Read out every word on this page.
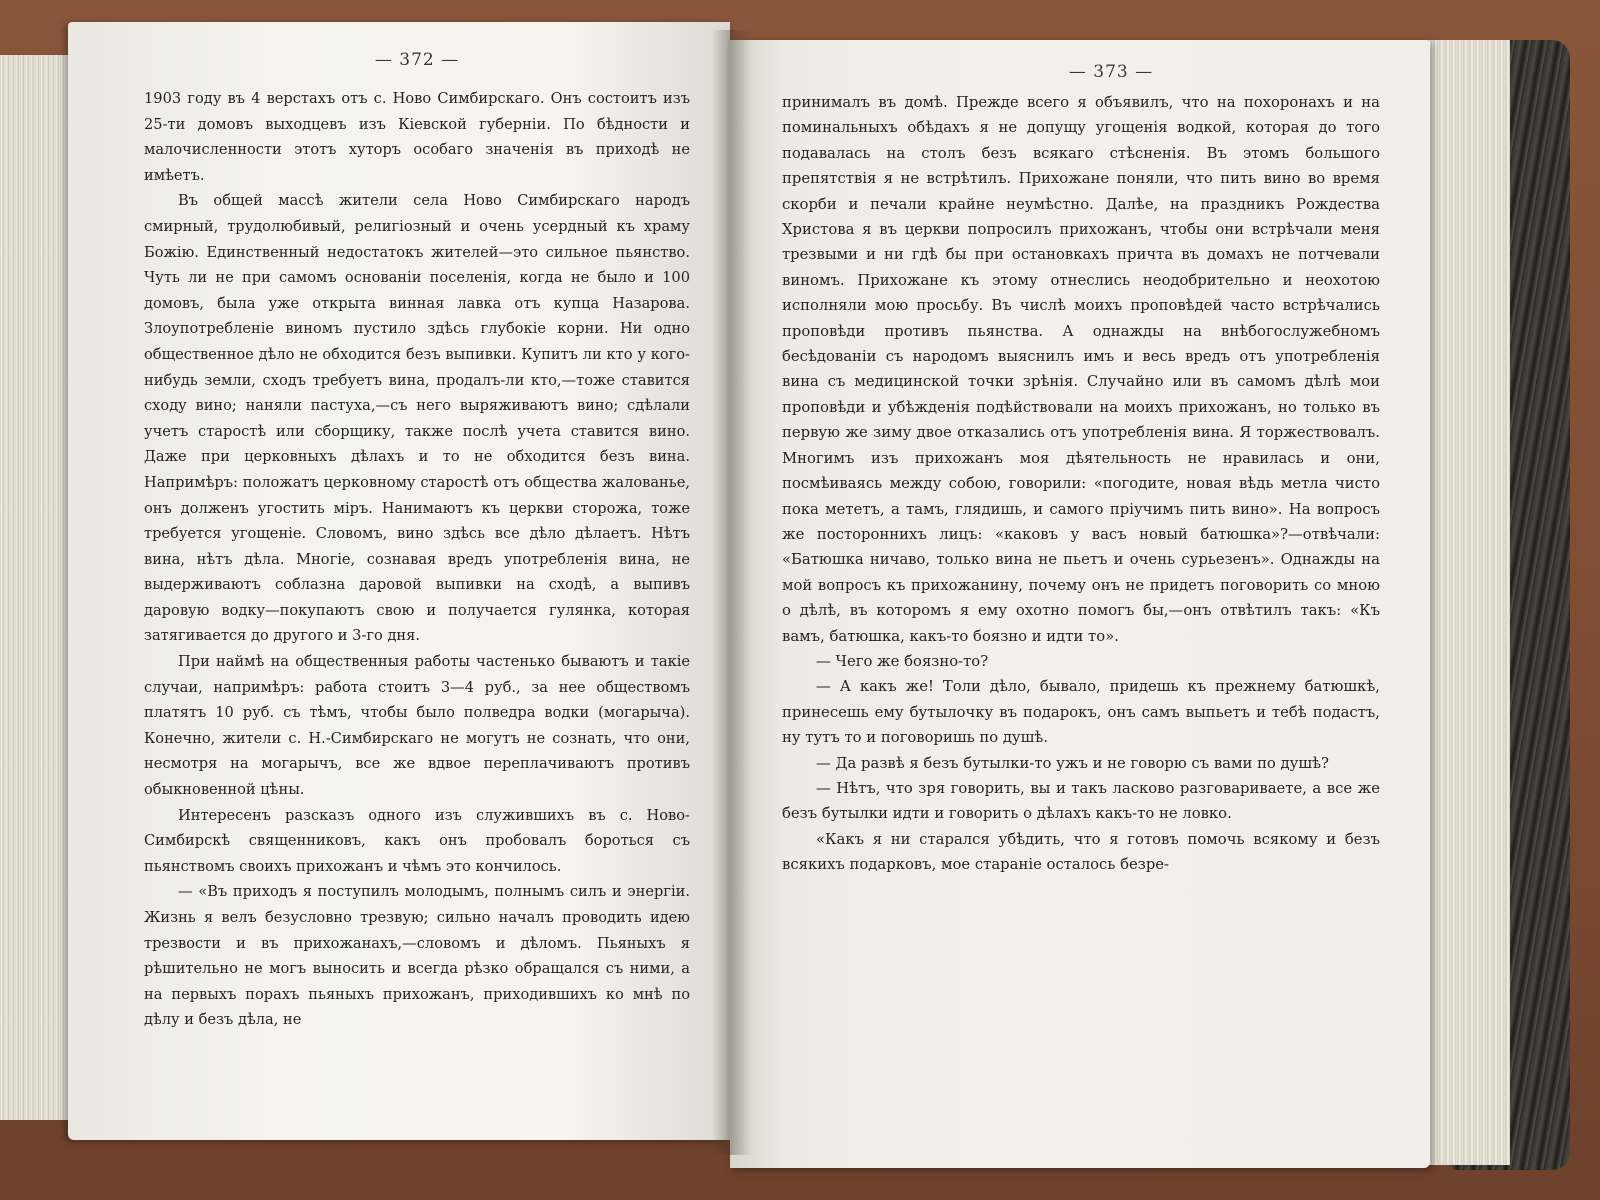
— 372 —

1903 году въ 4 верстахъ отъ с. Ново Симбирскаго. Онъ состоитъ изъ 25-ти домовъ выходцевъ изъ Кіевской губерніи. По бѣдности и малочисленности этотъ хуторъ особаго значенія въ приходѣ не имѣетъ.

Въ общей массѣ жители села Ново Симбирскаго народъ смирный, трудолюбивый, религіозный и очень усердный къ храму Божію. Единственный недостатокъ жителей—это сильное пьянство. Чуть ли не при самомъ основаніи поселенія, когда не было и 100 домовъ, была уже открыта винная лавка отъ купца Назарова. Злоупотребленіе виномъ пустило здѣсь глубокіе корни. Ни одно общественное дѣло не обходится безъ выпивки. Купитъ ли кто у кого-нибудь земли, сходъ требуетъ вина, продалъ-ли кто,—тоже ставится сходу вино; наняли пастуха,—съ него выряживаютъ вино; сдѣлали учетъ старостѣ или сборщику, также послѣ учета ставится вино. Даже при церковныхъ дѣлахъ и то не обходится безъ вина. Напримѣръ: положатъ церковному старостѣ отъ общества жалованье, онъ долженъ угостить міръ. Нанимаютъ къ церкви сторожа, тоже требуется угощеніе. Словомъ, вино здѣсь все дѣло дѣлаетъ. Нѣтъ вина, нѣтъ дѣла. Многіе, сознавая вредъ употребленія вина, не выдерживаютъ соблазна даровой выпивки на сходѣ, а выпивъ даровую водку—покупаютъ свою и получается гулянка, которая затягивается до другого и 3-го дня.

При наймѣ на общественныя работы частенько бываютъ и такіе случаи, напримѣръ: работа стоитъ 3—4 руб., за нее обществомъ платятъ 10 руб. съ тѣмъ, чтобы было полведра водки (могарыча). Конечно, жители с. Н.-Симбирскаго не могутъ не сознать, что они, несмотря на могарычъ, все же вдвое переплачиваютъ противъ обыкновенной цѣны.

Интересенъ разсказъ одного изъ служившихъ въ с. Ново-Симбирскѣ священниковъ, какъ онъ пробовалъ бороться съ пьянствомъ своихъ прихожанъ и чѣмъ это кончилось.

— «Въ приходъ я поступилъ молодымъ, полнымъ силъ и энергіи. Жизнь я велъ безусловно трезвую; сильно началъ проводить идею трезвости и въ прихожанахъ,—словомъ и дѣломъ. Пьяныхъ я рѣшительно не могъ выносить и всегда рѣзко обращался съ ними, а на первыхъ порахъ пьяныхъ прихожанъ, приходившихъ ко мнѣ по дѣлу и безъ дѣла, не

— 373 —

принималъ въ домѣ. Прежде всего я объявилъ, что на похоронахъ и на поминальныхъ обѣдахъ я не допущу угощенія водкой, которая до того подавалась на столъ безъ всякаго стѣсненія. Въ этомъ большого препятствія я не встрѣтилъ. Прихожане поняли, что пить вино во время скорби и печали крайне неумѣстно. Далѣе, на праздникъ Рождества Христова я въ церкви попросилъ прихожанъ, чтобы они встрѣчали меня трезвыми и ни гдѣ бы при остановкахъ причта въ домахъ не потчевали виномъ. Прихожане къ этому отнеслись неодобрительно и неохотою исполняли мою просьбу. Въ числѣ моихъ проповѣдей часто встрѣчались проповѣди противъ пьянства. А однажды на внѣбогослужебномъ бесѣдованіи съ народомъ выяснилъ имъ и весь вредъ отъ употребленія вина съ медицинской точки зрѣнія. Случайно или въ самомъ дѣлѣ мои проповѣди и убѣжденія подѣйствовали на моихъ прихожанъ, но только въ первую же зиму двое отказались отъ употребленія вина. Я торжествовалъ. Многимъ изъ прихожанъ моя дѣятельность не нравилась и они, посмѣиваясь между собою, говорили: «погодите, новая вѣдь метла чисто пока мететъ, а тамъ, глядишь, и самого пріучимъ пить вино». На вопросъ же постороннихъ лицъ: «каковъ у васъ новый батюшка»?—отвѣчали: «Батюшка ничаво, только вина не пьетъ и очень сурьезенъ». Однажды на мой вопросъ къ прихожанину, почему онъ не придетъ поговорить со мною о дѣлѣ, въ которомъ я ему охотно помогъ бы,—онъ отвѣтилъ такъ: «Къ вамъ, батюшка, какъ-то боязно и идти то».

— Чего же боязно-то?

— А какъ же! Толи дѣло, бывало, придешь къ прежнему батюшкѣ, принесешь ему бутылочку въ подарокъ, онъ самъ выпьетъ и тебѣ подастъ, ну тутъ то и поговоришь по душѣ.

— Да развѣ я безъ бутылки-то ужъ и не говорю съ вами по душѣ?

— Нѣтъ, что зря говорить, вы и такъ ласково разговариваете, а все же безъ бутылки идти и говорить о дѣлахъ какъ-то не ловко.

«Какъ я ни старался убѣдить, что я готовъ помочь всякому и безъ всякихъ подарковъ, мое стараніе осталось безре-
